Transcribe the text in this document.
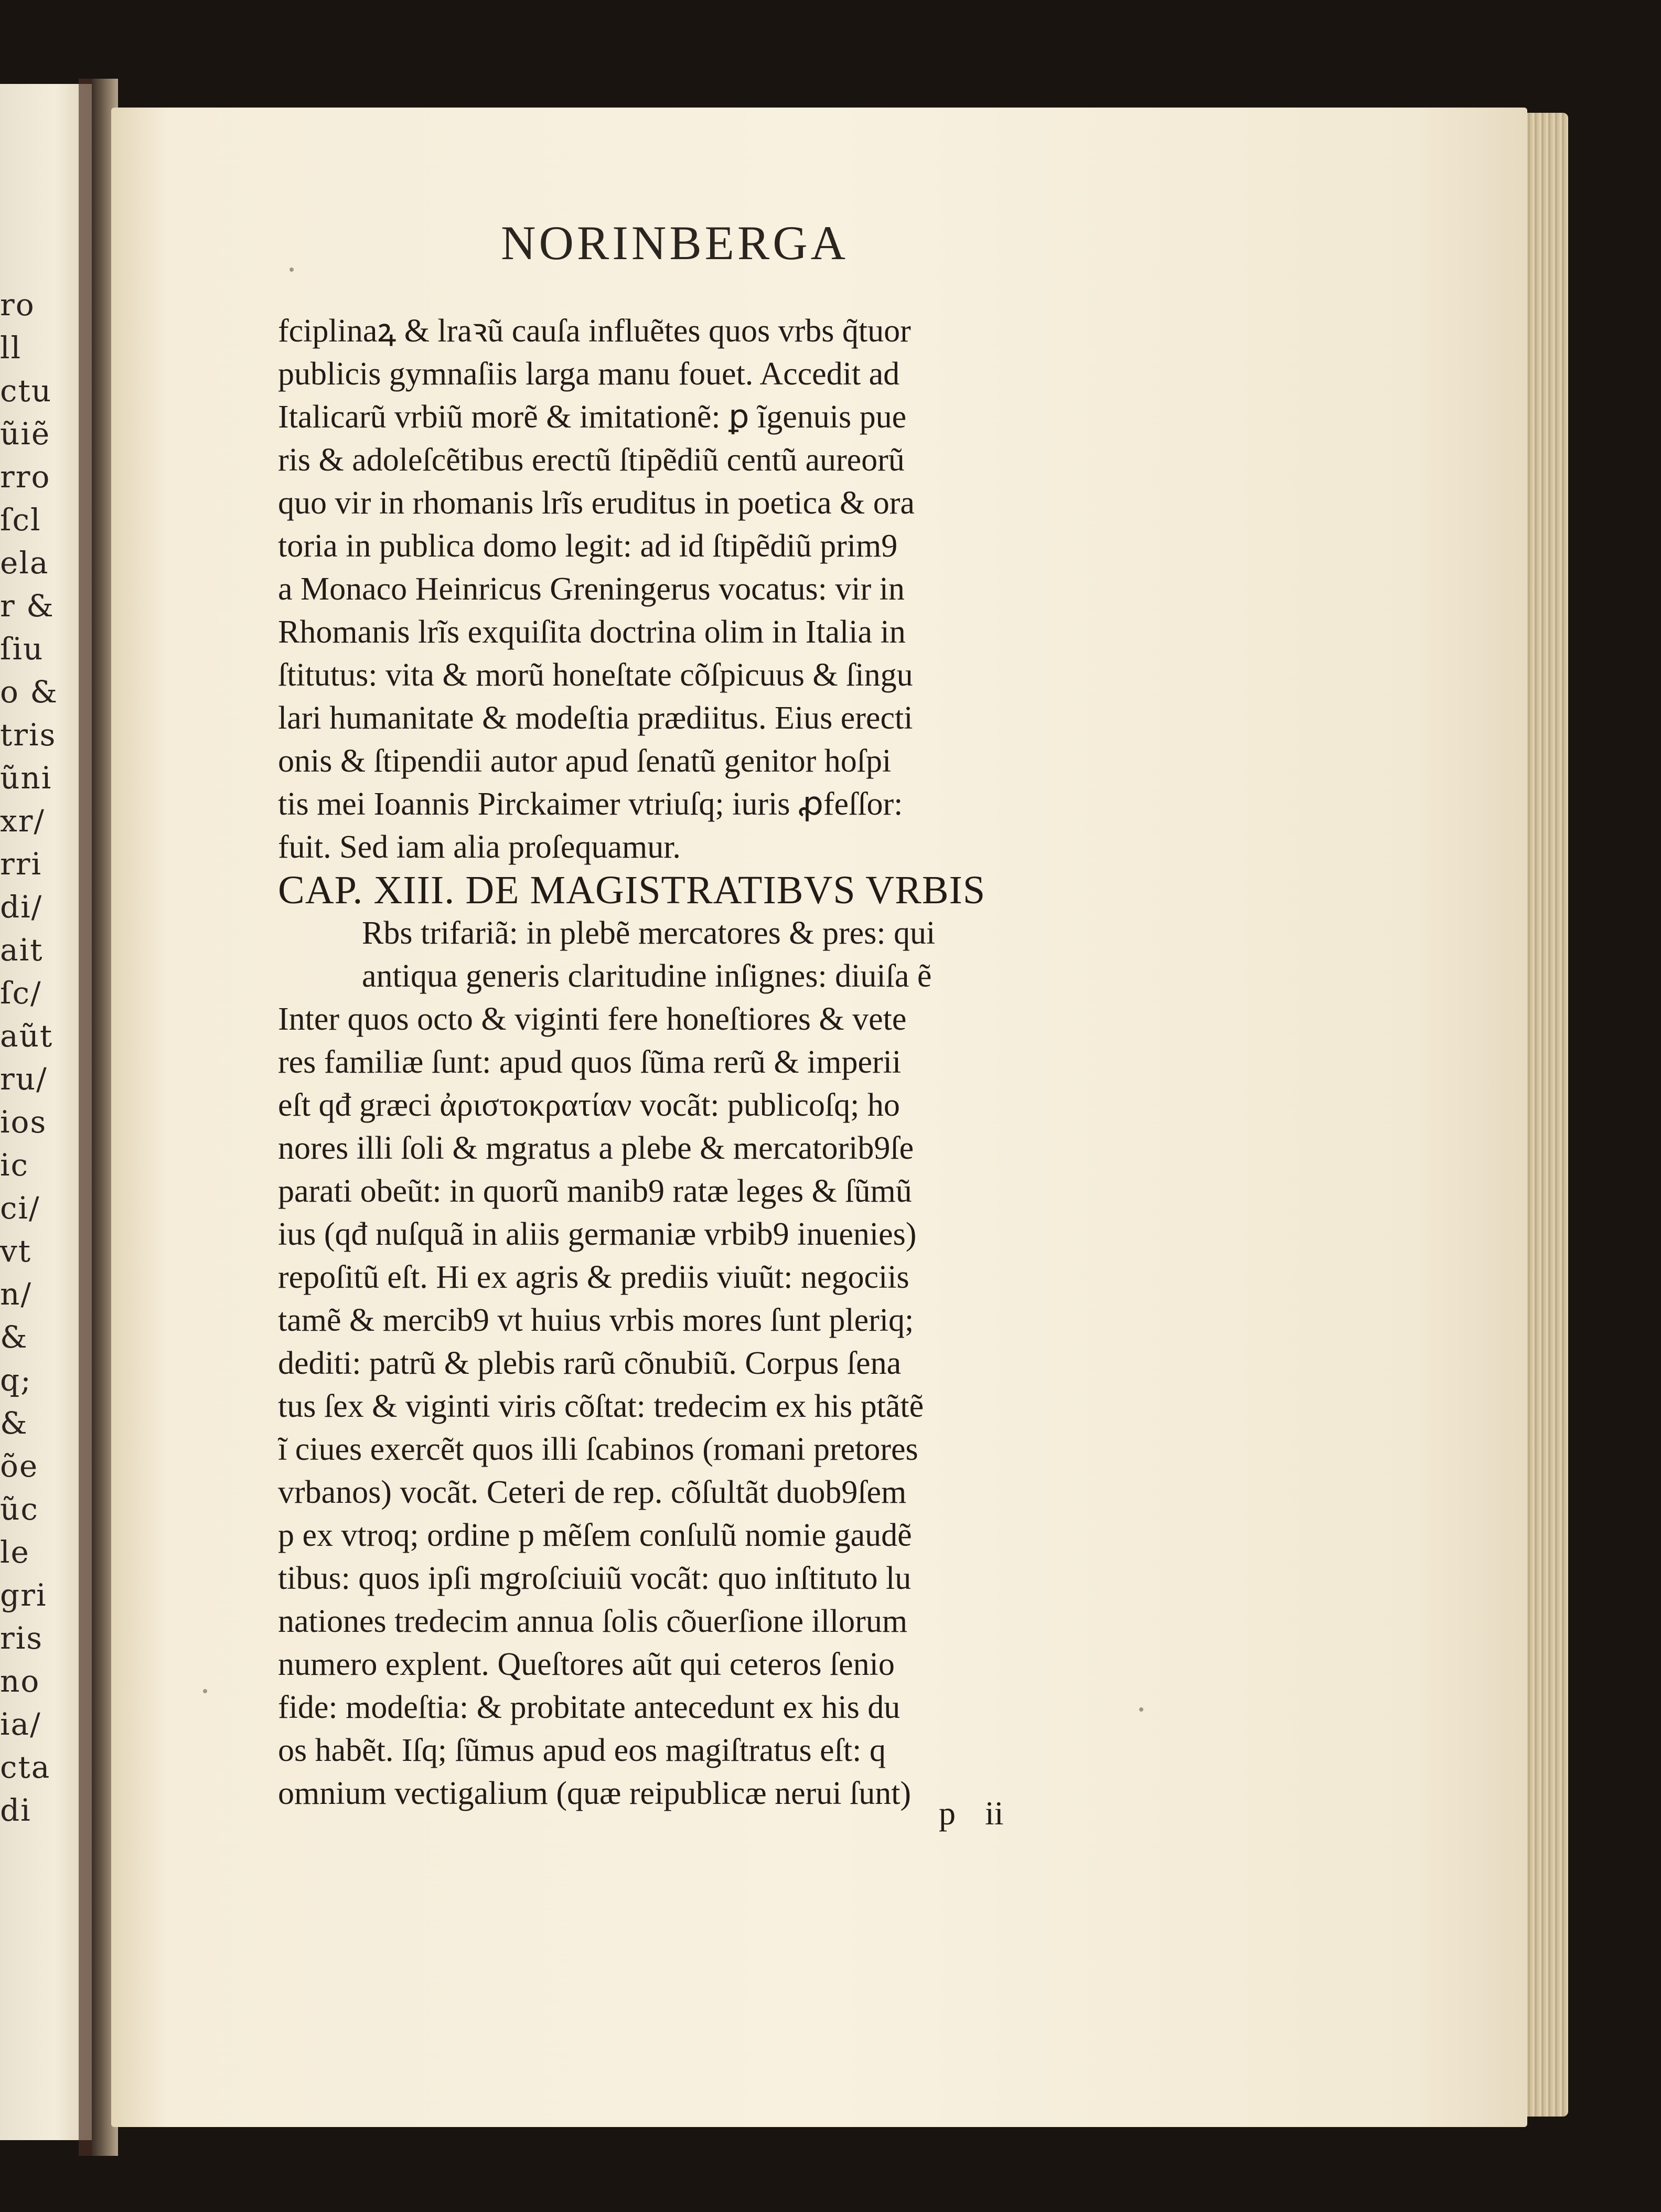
ro
ll
ctu
ũiẽ
rro
ſcl
ela
r &
ſiu
o &
tris
ũni
xr/
rri
di/
ait
ſc/
aũt
ru/
ios
ic
ci/
vt
n/
&
q;
&
õe
ũc
le
gri
ris
no
ia/
cta
di
NORINBERGA
fciplinaꝝ & lraꝛũ cauſa influẽtes quos vrbs q̃tuor
publicis gymnaſiis larga manu fouet. Accedit ad
Italicarũ vrbiũ morẽ & imitationẽ: ꝑ ĩgenuis pue
ris & adoleſcẽtibus erectũ ſtipẽdiũ centũ aureorũ
quo vir in rhomanis lrĩs eruditus in poetica & ora
toria in publica domo legit: ad id ſtipẽdiũ prim9
a Monaco Heinricus Greningerus vocatus: vir in
Rhomanis lrĩs exquiſita doctrina olim in Italia in
ſtitutus: vita & morũ honeſtate cõſpicuus & ſingu
lari humanitate & modeſtia prædiitus. Eius erecti
onis & ſtipendii autor apud ſenatũ genitor hoſpi
tis mei Ioannis Pirckaimer vtriuſq; iuris ꝓfeſſor:
fuit. Sed iam alia proſequamur.
CAP. XIII. DE MAGISTRATIBVS VRBIS
Rbs trifariã: in plebẽ mercatores & pres: qui
antiqua generis claritudine inſignes: diuiſa ẽ
Inter quos octo & viginti fere honeſtiores & vete
res familiæ ſunt: apud quos ſũma rerũ & imperii
eſt qđ græci ἀριστοκρατίαν vocãt: publicoſq; ho
nores illi ſoli & mgratus a plebe & mercatorib9ſe
parati obeũt: in quorũ manib9 ratæ leges & ſũmũ
ius (qđ nuſquã in aliis germaniæ vrbib9 inuenies)
repoſitũ eſt. Hi ex agris & prediis viuũt: negociis
tamẽ & mercib9 vt huius vrbis mores ſunt pleriq;
dediti: patrũ & plebis rarũ cõnubiũ. Corpus ſena
tus ſex & viginti viris cõſtat: tredecim ex his ptãtẽ
ĩ ciues exercẽt quos illi ſcabinos (romani pretores
vrbanos) vocãt. Ceteri de rep. cõſultãt duob9ſem
p ex vtroq; ordine p mẽſem conſulũ nomie gaudẽ
tibus: quos ipſi mgroſciuiũ vocãt: quo inſtituto lu
nationes tredecim annua ſolis cõuerſione illorum
numero explent. Queſtores aũt qui ceteros ſenio
fide: modeſtia: & probitate antecedunt ex his du
os habẽt. Iſq; ſũmus apud eos magiſtratus eſt: q
omnium vectigalium (quæ reipublicæ nerui ſunt)
p ii
